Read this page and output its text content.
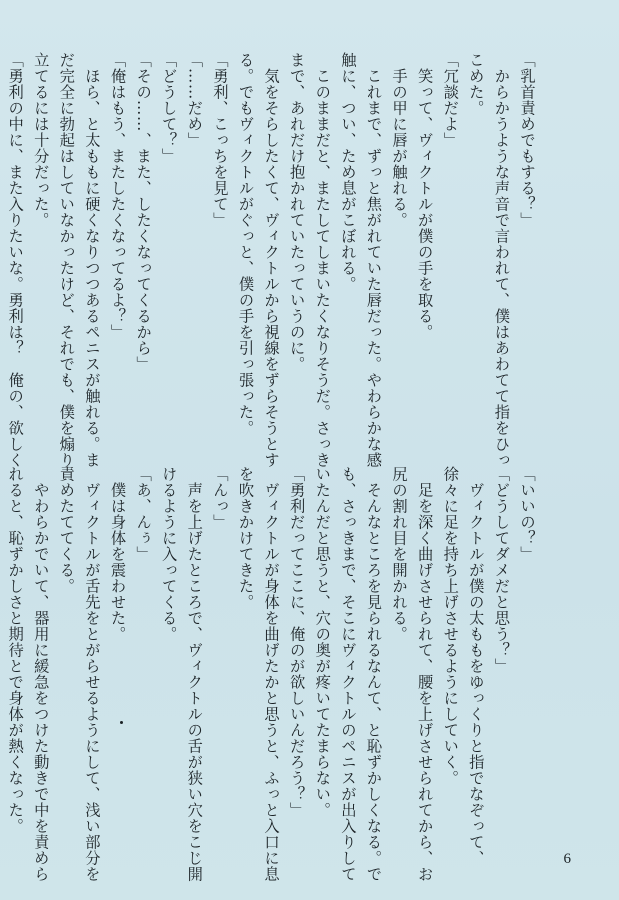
「乳首責めでもする？」
　からかうような声音で言われて、僕はあわてて指をひっ
こめた。
「冗談だよ」
　笑って、ヴィクトルが僕の手を取る。
　手の甲に唇が触れる。
　これまで、ずっと焦がれていた唇だった。やわらかな感
触に、つい、ため息がこぼれる。
　このままだと、またしてしまいたくなりそうだ。さっき
まで、あれだけ抱かれていたっていうのに。
　気をそらしたくて、ヴィクトルから視線をずらそうとす
る。でもヴィクトルがぐっと、僕の手を引っ張った。
「勇利、こっちを見て」
「……だめ」
「どうして？」
「その……、また、したくなってくるから」
「俺はもう、またしたくなってるよ？」
　ほら、と太ももに硬くなりつつあるペニスが触れる。ま
だ完全に勃起はしていなかったけど、それでも、僕を煽り
立てるには十分だった。
「勇利の中に、また入りたいな。勇利は？　俺の、欲しく
「いいの？」
「どうしてダメだと思う？」
　ヴィクトルが僕の太ももをゆっくりと指でなぞって、
徐々に足を持ち上げさせるようにしていく。
　足を深く曲げさせられて、腰を上げさせられてから、お
尻の割れ目を開かれる。
　そんなところを見られるなんて、と恥ずかしくなる。で
も、さっきまで、そこにヴィクトルのペニスが出入りして
いたんだと思うと、穴の奥が疼いてたまらない。
「勇利だってここに、俺のが欲しいんだろう？」
　ヴィクトルが身体を曲げたかと思うと、ふっと入口に息
を吹きかけてきた。
「んっ」
　声を上げたところで、ヴィクトルの舌が狭い穴をこじ開
けるように入ってくる。
「あ、んぅ」
　僕は身体を震わせた。
　ヴィクトルが舌先をとがらせるようにして、浅い部分を
責めたててくる。
　やわらかでいて、器用に緩急をつけた動きで中を責めら
れると、恥ずかしさと期待とで身体が熱くなった。
6
